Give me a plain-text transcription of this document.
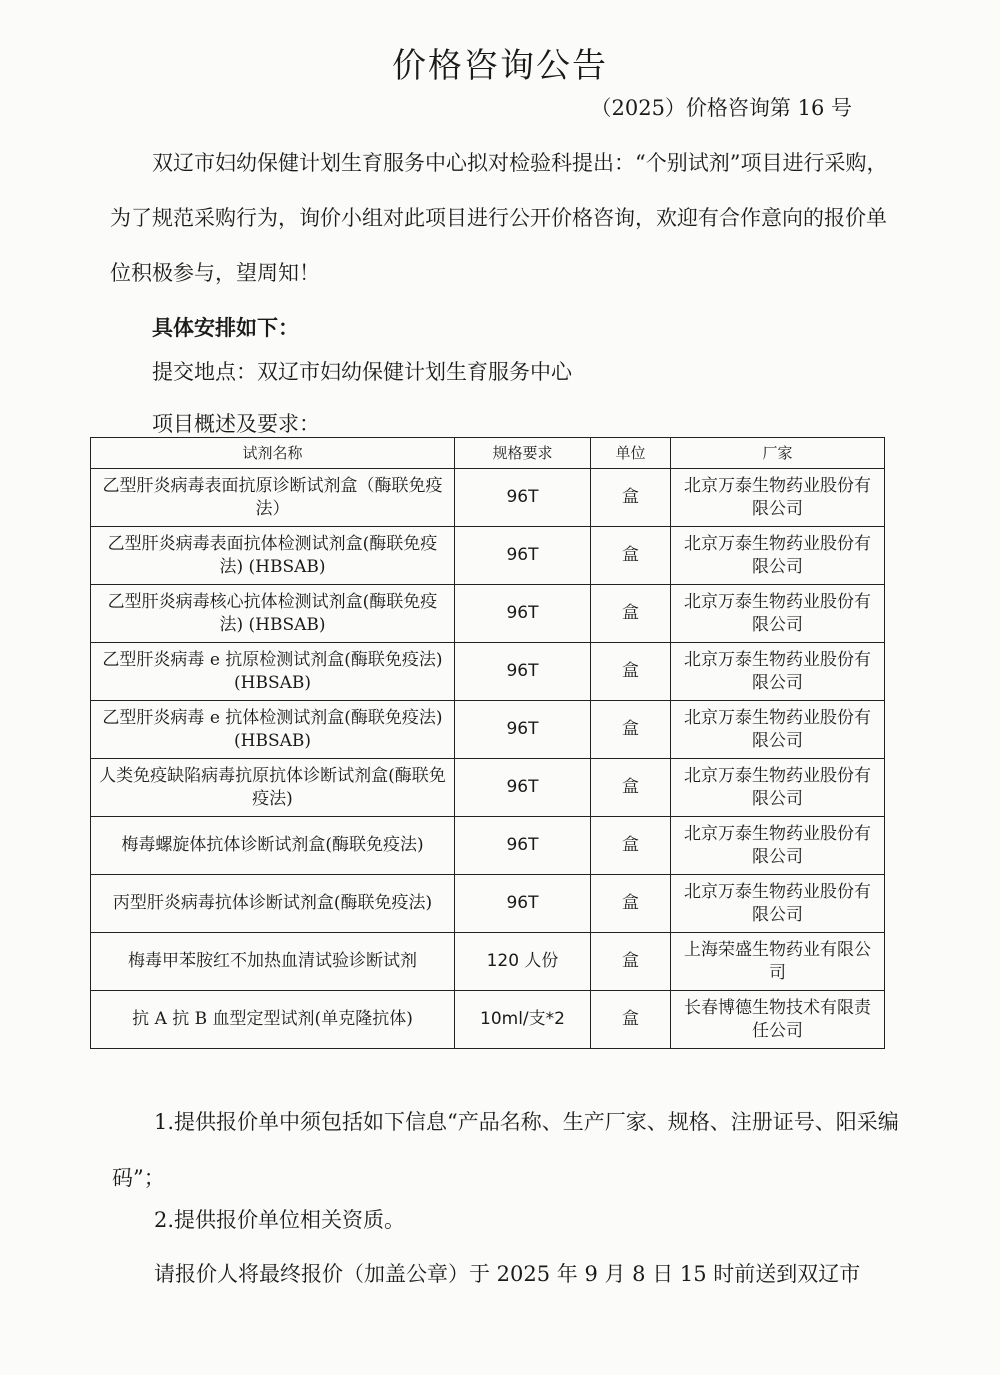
价格咨询公告
（2025）价格咨询第 16 号
双辽市妇幼保健计划生育服务中心拟对检验科提出：“个别试剂”项目进行采购，为了规范采购行为，询价小组对此项目进行公开价格咨询，欢迎有合作意向的报价单位积极参与，望周知！
具体安排如下：
提交地点：双辽市妇幼保健计划生育服务中心
项目概述及要求：
试剂名称	规格要求	单位	厂家
乙型肝炎病毒表面抗原诊断试剂盒（酶联免疫法）	96T	盒	北京万泰生物药业股份有限公司
乙型肝炎病毒表面抗体检测试剂盒(酶联免疫法) (HBSAB)	96T	盒	北京万泰生物药业股份有限公司
乙型肝炎病毒核心抗体检测试剂盒(酶联免疫法) (HBSAB)	96T	盒	北京万泰生物药业股份有限公司
乙型肝炎病毒 e 抗原检测试剂盒(酶联免疫法) (HBSAB)	96T	盒	北京万泰生物药业股份有限公司
乙型肝炎病毒 e 抗体检测试剂盒(酶联免疫法) (HBSAB)	96T	盒	北京万泰生物药业股份有限公司
人类免疫缺陷病毒抗原抗体诊断试剂盒(酶联免疫法)	96T	盒	北京万泰生物药业股份有限公司
梅毒螺旋体抗体诊断试剂盒(酶联免疫法)	96T	盒	北京万泰生物药业股份有限公司
丙型肝炎病毒抗体诊断试剂盒(酶联免疫法)	96T	盒	北京万泰生物药业股份有限公司
梅毒甲苯胺红不加热血清试验诊断试剂	120 人份	盒	上海荣盛生物药业有限公司
抗 A 抗 B 血型定型试剂(单克隆抗体)	10ml/支*2	盒	长春博德生物技术有限责任公司
1.提供报价单中须包括如下信息“产品名称、生产厂家、规格、注册证号、阳采编码”；
2.提供报价单位相关资质。
请报价人将最终报价（加盖公章）于 2025 年 9 月 8 日 15 时前送到双辽市
